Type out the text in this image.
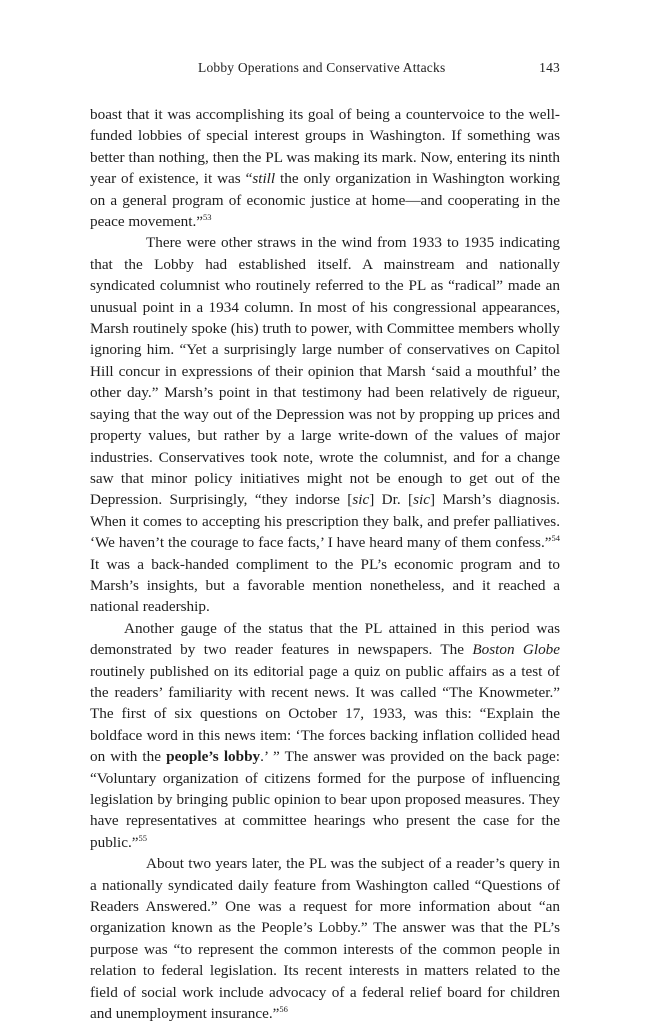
Lobby Operations and Conservative Attacks	143

boast that it was accomplishing its goal of being a countervoice to the well-funded lobbies of special interest groups in Washington. If something was better than nothing, then the PL was making its mark. Now, entering its ninth year of existence, it was “still the only organization in Washington working on a general program of economic justice at home—and cooperating in the peace movement.”$^{53}$

There were other straws in the wind from 1933 to 1935 indicating that the Lobby had established itself. A mainstream and nationally syndicated columnist who routinely referred to the PL as “radical” made an unusual point in a 1934 column. In most of his congressional appearances, Marsh routinely spoke (his) truth to power, with Committee members wholly ignoring him. “Yet a surprisingly large number of conservatives on Capitol Hill concur in expressions of their opinion that Marsh ‘said a mouthful’ the other day.” Marsh’s point in that testimony had been relatively de rigueur, saying that the way out of the Depression was not by propping up prices and property values, but rather by a large write-down of the values of major industries. Conservatives took note, wrote the columnist, and for a change saw that minor policy initiatives might not be enough to get out of the Depression. Surprisingly, “they indorse [sic] Dr. [sic] Marsh’s diagnosis. When it comes to accepting his prescription they balk, and prefer palliatives. ‘We haven’t the courage to face facts,’ I have heard many of them confess.”$^{54}$ It was a back-handed compliment to the PL’s economic program and to Marsh’s insights, but a favorable mention nonetheless, and it reached a national readership.

Another gauge of the status that the PL attained in this period was demonstrated by two reader features in newspapers. The Boston Globe routinely published on its editorial page a quiz on public affairs as a test of the readers’ familiarity with recent news. It was called “The Knowmeter.” The first of six questions on October 17, 1933, was this: “Explain the boldface word in this news item: ‘The forces backing inflation collided head on with the people’s lobby.’ ” The answer was provided on the back page: “Voluntary organization of citizens formed for the purpose of influencing legislation by bringing public opinion to bear upon proposed measures. They have representatives at committee hearings who present the case for the public.”$^{55}$

About two years later, the PL was the subject of a reader’s query in a nationally syndicated daily feature from Washington called “Questions of Readers Answered.” One was a request for more information about “an organization known as the People’s Lobby.” The answer was that the PL’s purpose was “to represent the common interests of the common people in relation to federal legislation. Its recent interests in matters related to the field of social work include advocacy of a federal relief board for children and unemployment insurance.”$^{56}$
